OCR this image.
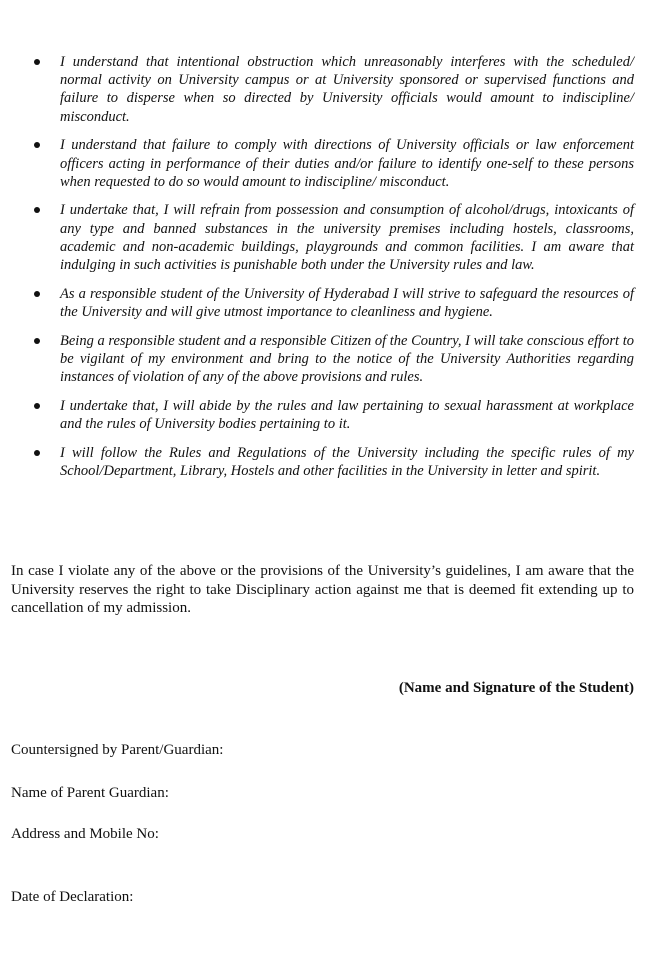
I understand that intentional obstruction which unreasonably interferes with the scheduled/ normal activity on University campus or at University sponsored or supervised functions and failure to disperse when so directed by University officials would amount to indiscipline/ misconduct.
I understand that failure to comply with directions of University officials or law enforcement officers acting in performance of their duties and/or failure to identify one-self to these persons when requested to do so would amount to indiscipline/ misconduct.
I undertake that, I will refrain from possession and consumption of alcohol/drugs, intoxicants of any type and banned substances in the university premises including hostels, classrooms, academic and non-academic buildings, playgrounds and common facilities. I am aware that indulging in such activities is punishable both under the University rules and law.
As a responsible student of the University of Hyderabad I will strive to safeguard the resources of the University and will give utmost importance to cleanliness and hygiene.
Being a responsible student and a responsible Citizen of the Country, I will take conscious effort to be vigilant of my environment and bring to the notice of the University Authorities regarding instances of violation of any of the above provisions and rules.
I undertake that, I will abide by the rules and law pertaining to sexual harassment at workplace and the rules of University bodies pertaining to it.
I will follow the Rules and Regulations of the University including the specific rules of my School/Department, Library, Hostels and other facilities in the University in letter and spirit.

In case I violate any of the above or the provisions of the University’s guidelines, I am aware that the University reserves the right to take Disciplinary action against me that is deemed fit extending up to cancellation of my admission.

(Name and Signature of the Student)

Countersigned by Parent/Guardian:

Name of Parent Guardian:

Address and Mobile No:

Date of Declaration:
